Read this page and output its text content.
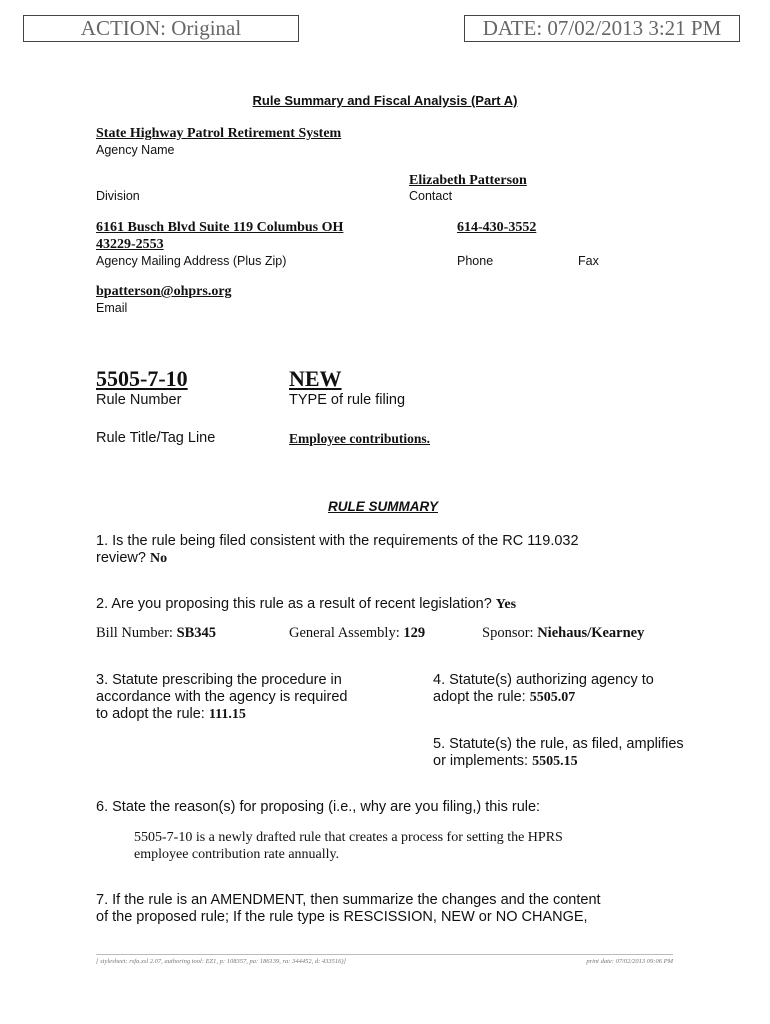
ACTION: Original	DATE: 07/02/2013 3:21 PM
Rule Summary and Fiscal Analysis (Part A)
State Highway Patrol Retirement System
Agency Name
Elizabeth Patterson
Division	Contact
6161 Busch Blvd Suite 119 Columbus OH
43229-2553
614-430-3552
Agency Mailing Address (Plus Zip)	Phone	Fax
bpatterson@ohprs.org
Email
5505-7-10	NEW
Rule Number	TYPE of rule filing
Rule Title/Tag Line	Employee contributions.
RULE SUMMARY
1. Is the rule being filed consistent with the requirements of the RC 119.032
review? No
2. Are you proposing this rule as a result of recent legislation? Yes
Bill Number: SB345	General Assembly: 129	Sponsor: Niehaus/Kearney
3. Statute prescribing the procedure in
accordance with the agency is required
to adopt the rule: 111.15
4. Statute(s) authorizing agency to
adopt the rule: 5505.07
5. Statute(s) the rule, as filed, amplifies
or implements: 5505.15
6. State the reason(s) for proposing (i.e., why are you filing,) this rule:
5505-7-10 is a newly drafted rule that creates a process for setting the HPRS
employee contribution rate annually.
7. If the rule is an AMENDMENT, then summarize the changes and the content
of the proposed rule; If the rule type is RESCISSION, NEW or NO CHANGE,
[ stylesheet: rsfa.xsl 2.07, authoring tool: EZ1, p: 108357, pa: 186139, ra: 344452, d: 433516)]	print date: 07/02/2013 09:06 PM
